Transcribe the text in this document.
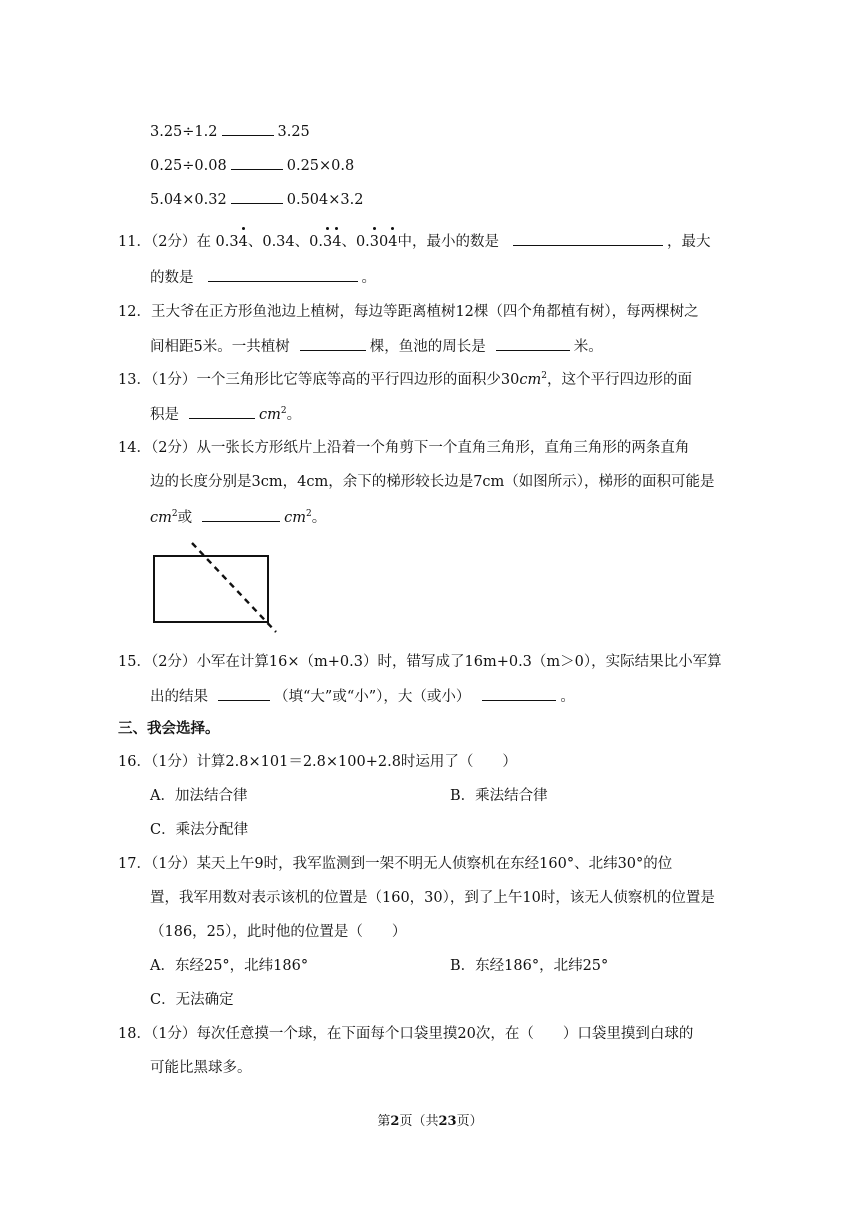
3.25÷1.2	3.25
0.25÷0.08	0.25×0.8
5.04×0.32	0.504×3.2
11．（2分）在 0.34、0.34、0.34、0.304中，最小的数是	，最大
的数是	。
12．王大爷在正方形鱼池边上植树，每边等距离植树12棵（四个角都植有树），每两棵树之
间相距5米。一共植树	棵，鱼池的周长是	米。
13．（1分）一个三角形比它等底等高的平行四边形的面积少$30cm^2$，这个平行四边形的面
积是	$cm^2$。
14．（2分）从一张长方形纸片上沿着一个角剪下一个直角三角形，直角三角形的两条直角
边的长度分别是3cm，4cm，余下的梯形较长边是7cm（如图所示），梯形的面积可能是
$cm^2$或	$cm^2$。
15．（2分）小军在计算16×（m+0.3）时，错写成了16m+0.3（m＞0），实际结果比小军算
出的结果	（填“大”或“小”），大（或小）	。
三、我会选择。
16．（1分）计算2.8×101＝2.8×100+2.8时运用了（　　）
A．加法结合律	B．乘法结合律
C．乘法分配律
17．（1分）某天上午9时，我军监测到一架不明无人侦察机在东经160°、北纬30°的位
置，我军用数对表示该机的位置是（160，30），到了上午10时，该无人侦察机的位置是
（186，25），此时他的位置是（　　）
A．东经25°，北纬186°	B．东经186°，北纬25°
C．无法确定
18．（1分）每次任意摸一个球，在下面每个口袋里摸20次，在（　　）口袋里摸到白球的
可能比黑球多。
第2页（共23页）
